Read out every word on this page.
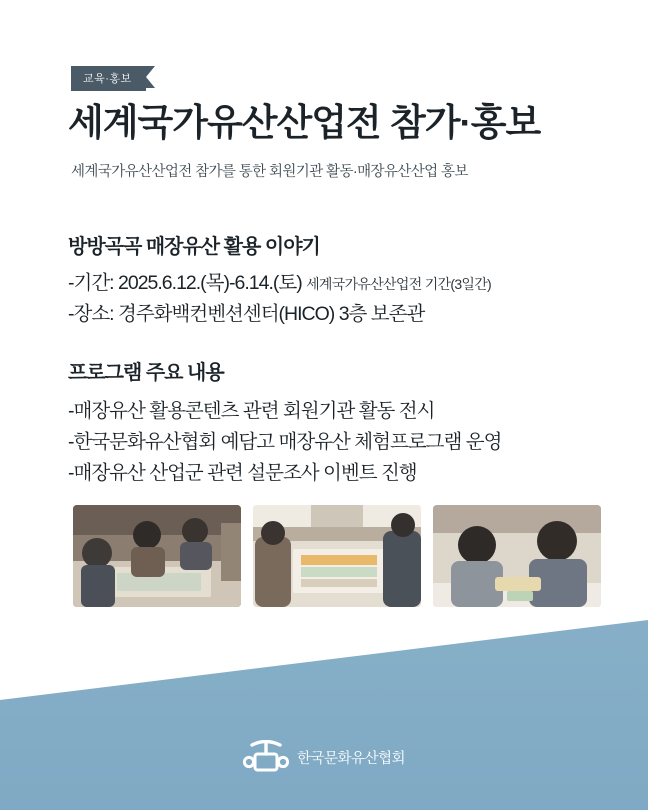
교육·홍보
세계국가유산산업전 참가·홍보
세계국가유산산업전 참가를 통한 회원기관 활동·매장유산산업 홍보
방방곡곡 매장유산 활용 이야기
-기간: 2025.6.12.(목)-6.14.(토) 세계국가유산산업전 기간(3일간)
-장소: 경주화백컨벤션센터(HICO) 3층 보존관
프로그램 주요 내용
-매장유산 활용콘텐츠 관련 회원기관 활동 전시
-한국문화유산협회 예담고 매장유산 체험프로그램 운영
-매장유산 산업군 관련 설문조사 이벤트 진행
한국문화유산협회
